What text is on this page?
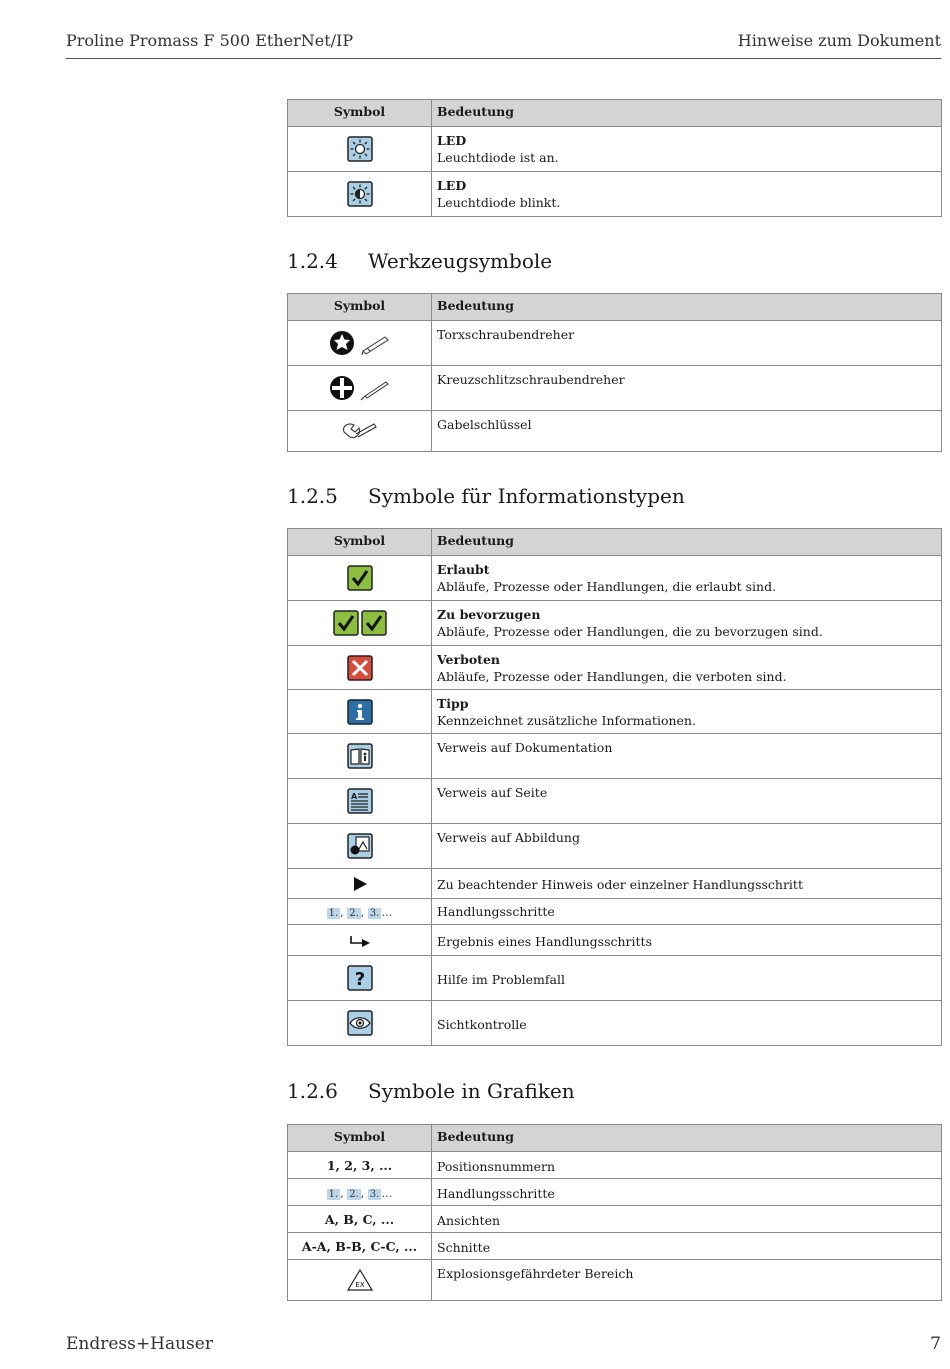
Proline Promass F 500 EtherNet/IP	Hinweise zum Dokument
Symbol	Bedeutung

LED
Leuchtdiode ist an.

LED
Leuchtdiode blinkt.
1.2.4 Werkzeugsymbole
Symbol	Bedeutung
	Torxschraubendreher
	Kreuzschlitzschraubendreher
	Gabelschlüssel
1.2.5 Symbole für Informationstypen
Symbol	Bedeutung

Erlaubt
Abläufe, Prozesse oder Handlungen, die erlaubt sind.

Zu bevorzugen
Abläufe, Prozesse oder Handlungen, die zu bevorzugen sind.

Verboten
Abläufe, Prozesse oder Handlungen, die verboten sind.

Tipp
Kennzeichnet zusätzliche Informationen.

	Verweis auf Dokumentation

A	Verweis auf Seite
	Verweis auf Abbildung
	Zu beachtender Hinweis oder einzelner Handlungsschritt
1. , 2. , 3. …	Handlungsschritte
	Ergebnis eines Handlungsschritts

?	Hilfe im Problemfall
	Sichtkontrolle
1.2.6 Symbole in Grafiken
Symbol	Bedeutung
1, 2, 3, ...	Positionsnummern
1. , 2. , 3. …	Handlungsschritte
A, B, C, ...	Ansichten
A-A, B-B, C-C, ...	Schnitte

EX	Explosionsgefährdeter Bereich
Endress+Hauser	7
